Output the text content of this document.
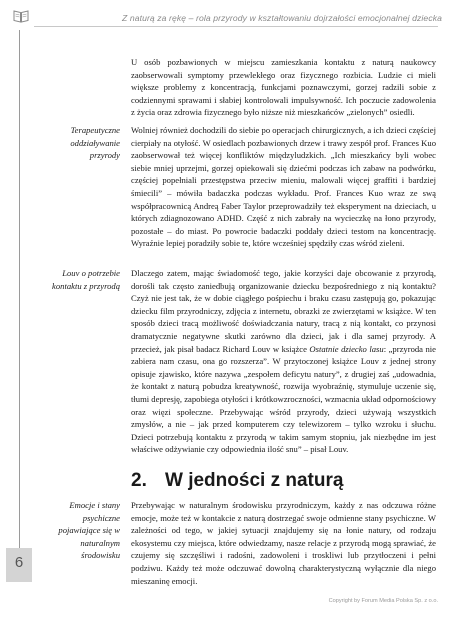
Z naturą za rękę – rola przyrody w kształtowaniu dojrzałości emocjonalnej dziecka

U osób pozbawionych w miejscu zamieszkania kontaktu z naturą naukowcy zaobserwowali symptomy przewlekłego oraz fizycznego rozbicia. Ludzie ci mieli większe problemy z koncentracją, funkcjami poznawczymi, gorzej radzili sobie z codziennymi sprawami i słabiej kontrolowali impulsywność. Ich poczucie zadowolenia z życia oraz zdrowia fizycznego było niższe niż mieszkańców „zielonych” osiedli.

Terapeutyczne oddziaływanie przyrody

Wolniej również dochodzili do siebie po operacjach chirurgicznych, a ich dzieci częściej cierpiały na otyłość. W osiedlach pozbawionych drzew i trawy zespół prof. Frances Kuo zaobserwował też więcej konfliktów międzyludzkich. „Ich mieszkańcy byli wobec siebie mniej uprzejmi, gorzej opiekowali się dziećmi podczas ich zabaw na podwórku, częściej popełniali przestępstwa przeciw mieniu, malowali więcej graffiti i bardziej śmiecili” – mówiła badaczka podczas wykładu. Prof. Frances Kuo wraz ze swą współpracownicą Andreą Faber Taylor przeprowadziły też eksperyment na dzieciach, u których zdiagnozowano ADHD. Część z nich zabrały na wycieczkę na łono przyrody, pozostałe – do miast. Po powrocie badaczki poddały dzieci testom na koncentrację. Wyraźnie lepiej poradziły sobie te, które wcześniej spędziły czas wśród zieleni.

Louv o potrzebie kontaktu z przyrodą

Dlaczego zatem, mając świadomość tego, jakie korzyści daje obcowanie z przyrodą, dorośli tak często zaniedbują organizowanie dziecku bezpośredniego z nią kontaktu? Czyż nie jest tak, że w dobie ciągłego pośpiechu i braku czasu zastępują go, pokazując dziecku film przyrodniczy, zdjęcia z internetu, obrazki ze zwierzętami w książce. W ten sposób dzieci tracą możliwość doświadczania natury, tracą z nią kontakt, co przynosi dramatycznie negatywne skutki zarówno dla dzieci, jak i dla samej przyrody. A przecież, jak pisał badacz Richard Louv w książce Ostatnie dziecko lasu: „przyroda nie zabiera nam czasu, ona go rozszerza”. W przytoczonej książce Louv z jednej strony opisuje zjawisko, które nazywa „zespołem deficytu natury”, z drugiej zaś „udowadnia, że kontakt z naturą pobudza kreatywność, rozwija wyobraźnię, stymuluje uczenie się, tłumi depresję, zapobiega otyłości i krótkowzroczności, wzmacnia układ odpornościowy oraz więzi społeczne. Przebywając wśród przyrody, dzieci używają wszystkich zmysłów, a nie – jak przed komputerem czy telewizorem – tylko wzroku i słuchu. Dzieci potrzebują kontaktu z przyrodą w takim samym stopniu, jak niezbędne im jest właściwe odżywianie czy odpowiednia ilość snu” – pisał Louv.

2. W jedności z naturą
Emocje i stany psychiczne pojawiające się w naturalnym środowisku

Przebywając w naturalnym środowisku przyrodniczym, każdy z nas odczuwa różne emocje, może też w kontakcie z naturą dostrzegać swoje odmienne stany psychiczne. W zależności od tego, w jakiej sytuacji znajdujemy się na łonie natury, od rodzaju ekosystemu czy miejsca, które odwiedzamy, nasze relacje z przyrodą mogą sprawiać, że czujemy się szczęśliwi i radośni, zadowoleni i troskliwi lub przytłoczeni i pełni podziwu. Każdy też może odczuwać dowolną charakterystyczną wyłącznie dla niego mieszaninę emocji.

6
Copyright by Forum Media Polska Sp. z o.o.
